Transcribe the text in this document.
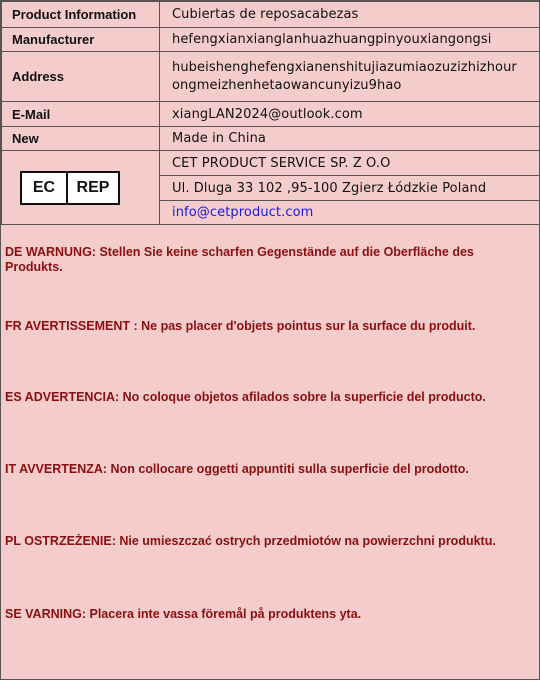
Product Information	Cubiertas de reposacabezas
Manufacturer	hefengxianxianglanhuazhuangpinyouxiangongsi
Address	hubeishenghefengxianenshitujiazumiaozuzizhizhour
ongmeizhenhetaowancunyizu9hao

E-Mail	xiangLAN2024@outlook.com
New	Made in China

EC REP	CET PRODUCT SERVICE SP. Z O.O
	Ul. Dluga 33 102 ,95-100 Zgierz Łódzkie Poland
	info@cetproduct.com

DE WARNUNG: Stellen Sie keine scharfen Gegenstände auf die Oberfläche des Produkts.

FR AVERTISSEMENT : Ne pas placer d'objets pointus sur la surface du produit.

ES ADVERTENCIA: No coloque objetos afilados sobre la superficie del producto.

IT AVVERTENZA: Non collocare oggetti appuntiti sulla superficie del prodotto.

PL OSTRZEŻENIE: Nie umieszczać ostrych przedmiotów na powierzchni produktu.

SE VARNING: Placera inte vassa föremål på produktens yta.
